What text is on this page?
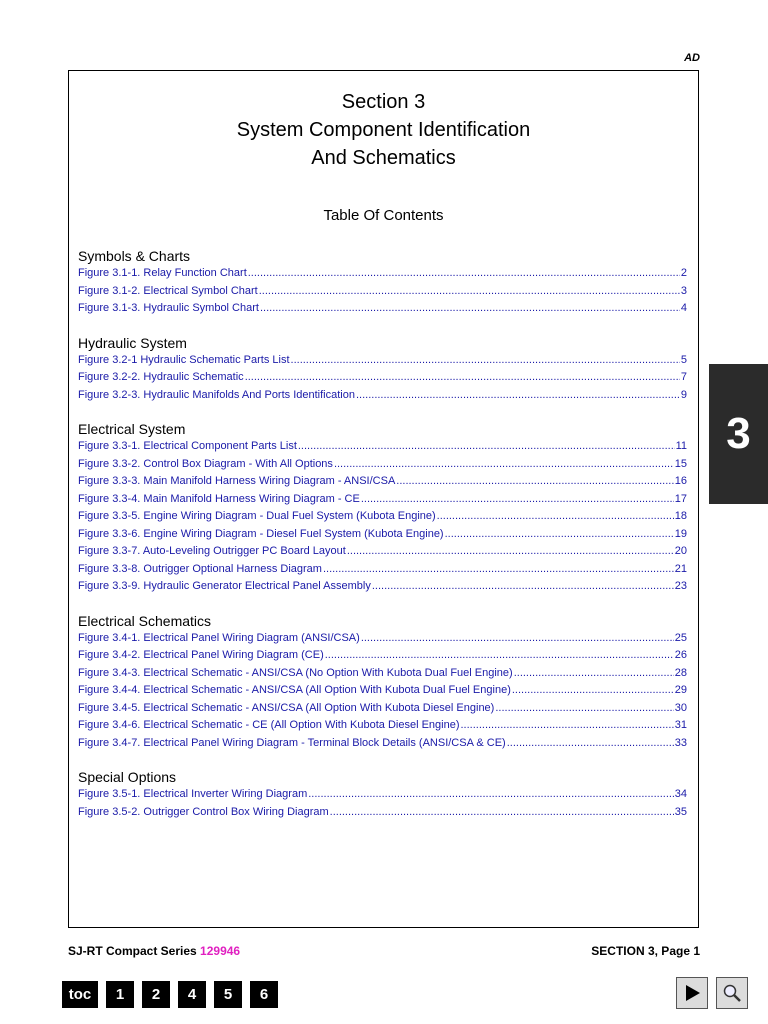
AD
Section 3
System Component Identification
And Schematics
Table Of Contents
Symbols & Charts
Figure 3.1-1. Relay Function Chart .....	2
Figure 3.1-2. Electrical Symbol Chart .....	3
Figure 3.1-3. Hydraulic Symbol Chart .....	4
Hydraulic System
Figure 3.2-1 Hydraulic Schematic Parts List .....	5
Figure 3.2-2. Hydraulic Schematic .....	7
Figure 3.2-3. Hydraulic Manifolds And Ports Identification .....	9
Electrical System
Figure 3.3-1. Electrical Component Parts List .....	11
Figure 3.3-2. Control Box Diagram - With All Options .....	15
Figure 3.3-3. Main Manifold Harness Wiring Diagram - ANSI/CSA .....	16
Figure 3.3-4. Main Manifold Harness Wiring Diagram - CE .....	17
Figure 3.3-5. Engine Wiring Diagram - Dual Fuel System (Kubota Engine) .....	18
Figure 3.3-6. Engine Wiring Diagram - Diesel Fuel System (Kubota Engine) .....	19
Figure 3.3-7. Auto-Leveling Outrigger PC Board Layout .....	20
Figure 3.3-8. Outrigger Optional Harness Diagram .....	21
Figure 3.3-9. Hydraulic Generator Electrical Panel Assembly .....	23
Electrical Schematics
Figure 3.4-1. Electrical Panel Wiring Diagram (ANSI/CSA) .....	25
Figure 3.4-2. Electrical Panel Wiring Diagram (CE) .....	26
Figure 3.4-3. Electrical Schematic - ANSI/CSA (No Option With Kubota Dual Fuel Engine) .....	28
Figure 3.4-4. Electrical Schematic - ANSI/CSA (All Option With Kubota Dual Fuel Engine) .....	29
Figure 3.4-5. Electrical Schematic - ANSI/CSA (All Option With Kubota Diesel Engine) .....	30
Figure 3.4-6. Electrical Schematic - CE (All Option With Kubota Diesel Engine) .....	31
Figure 3.4-7. Electrical Panel Wiring Diagram - Terminal Block Details (ANSI/CSA & CE) .....	33
Special Options
Figure 3.5-1. Electrical Inverter Wiring Diagram .....	34
Figure 3.5-2. Outrigger Control Box Wiring Diagram .....	35
3
SJ-RT Compact Series 129946	SECTION 3, Page 1
toc	1	2	4	5	6
